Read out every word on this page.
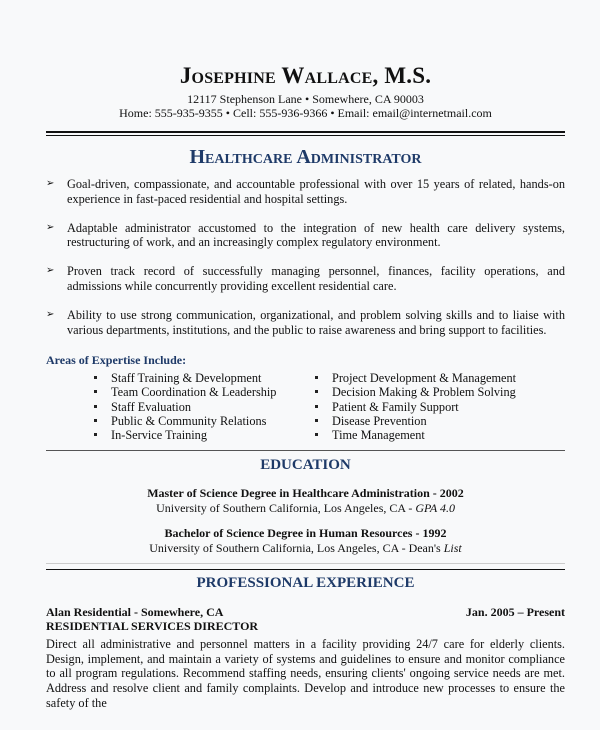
Josephine Wallace, M.S.
12117 Stephenson Lane • Somewhere, CA 90003
Home: 555-935-9355 • Cell: 555-936-9366 • Email: email@internetmail.com
Healthcare Administrator
➢ Goal-driven, compassionate, and accountable professional with over 15 years of related, hands-on experience in fast-paced residential and hospital settings.
➢ Adaptable administrator accustomed to the integration of new health care delivery systems, restructuring of work, and an increasingly complex regulatory environment.
➢ Proven track record of successfully managing personnel, finances, facility operations, and admissions while concurrently providing excellent residential care.
➢ Ability to use strong communication, organizational, and problem solving skills and to liaise with various departments, institutions, and the public to raise awareness and bring support to facilities.
Areas of Expertise Include:
Staff Training & Development
Team Coordination & Leadership
Staff Evaluation
Public & Community Relations
In-Service Training
Project Development & Management
Decision Making & Problem Solving
Patient & Family Support
Disease Prevention
Time Management
EDUCATION
Master of Science Degree in Healthcare Administration - 2002
University of Southern California, Los Angeles, CA - GPA 4.0
Bachelor of Science Degree in Human Resources - 1992
University of Southern California, Los Angeles, CA - Dean's List
PROFESSIONAL EXPERIENCE
Alan Residential - Somewhere, CA	Jan. 2005 – Present
RESIDENTIAL SERVICES DIRECTOR
Direct all administrative and personnel matters in a facility providing 24/7 care for elderly clients. Design, implement, and maintain a variety of systems and guidelines to ensure and monitor compliance to all program regulations. Recommend staffing needs, ensuring clients' ongoing service needs are met. Address and resolve client and family complaints. Develop and introduce new processes to ensure the safety of the
